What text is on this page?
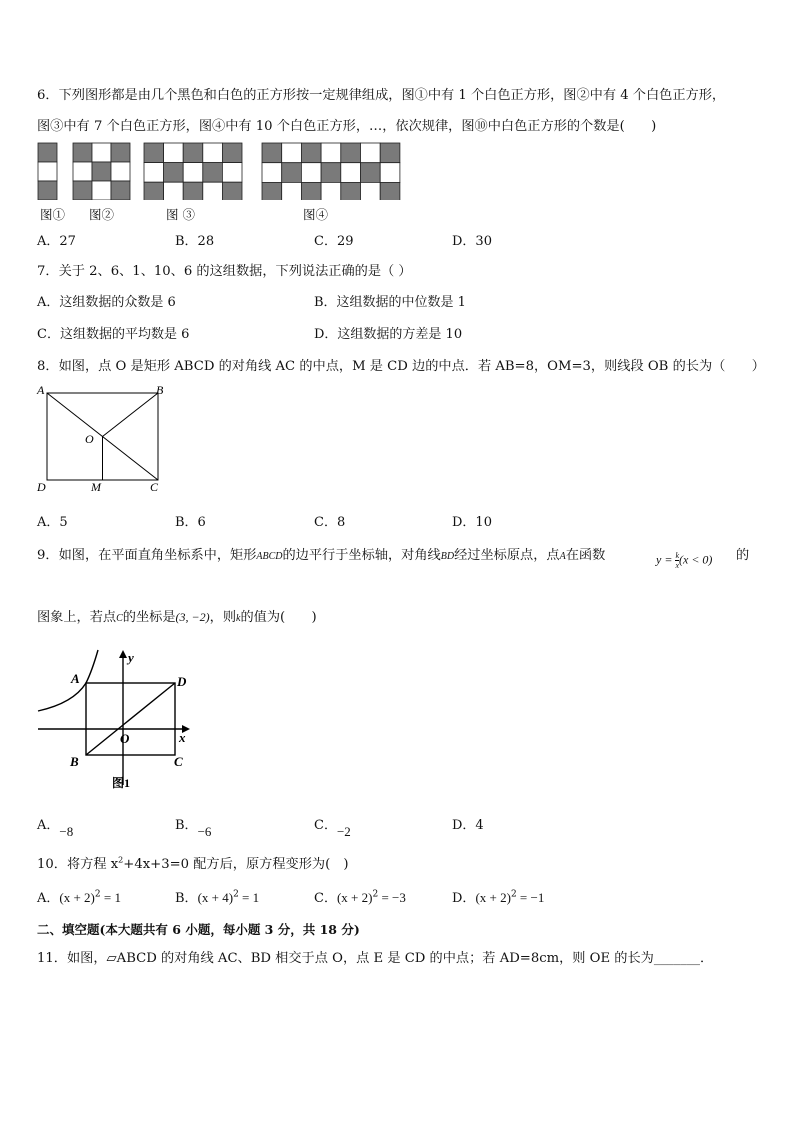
6．下列图形都是由几个黑色和白色的正方形按一定规律组成，图①中有 1 个白色正方形，图②中有 4 个白色正方形，
图③中有 7 个白色正方形，图④中有 10 个白色正方形，…，依次规律，图⑩中白色正方形的个数是(　　)
图① 图②	图 ③	图④
A．27	B．28	C．29	D．30
7．关于 2、6、1、10、6 的这组数据，下列说法正确的是（ ）
A．这组数据的众数是 6	B．这组数据的中位数是 1
C．这组数据的平均数是 6	D．这组数据的方差是 10
8．如图，点 O 是矩形 ABCD 的对角线 AC 的中点，M 是 CD 边的中点．若 AB=8，OM=3，则线段 OB 的长为（　　）
A	B
C
D
O
M
A．5	B．6	C．8	D．10
9．如图，在平面直角坐标系中，矩形ABCD的边平行于坐标轴，对角线BD经过坐标原点，点A在函数	$y = \frac{k}{x} (x < 0)$ 的
图象上，若点C的坐标是(3, −2)，则k的值为(　　)
A
B	C
D
O	x
y
图1
A．−8	B．−6	C．−2	D．4
10．将方程 $x^2+4x+3=0$ 配方后，原方程变形为(　)
A．$(x + 2)^2 = 1$	B．$(x + 4)^2 = 1$	C．$(x + 2)^2 = -3$	D．$(x + 2)^2 = -1$
二、填空题(本大题共有 6 小题，每小题 3 分，共 18 分)
11．如图，▱ABCD 的对角线 AC、BD 相交于点 O，点 E 是 CD 的中点；若 AD=8cm，则 OE 的长为_______．
